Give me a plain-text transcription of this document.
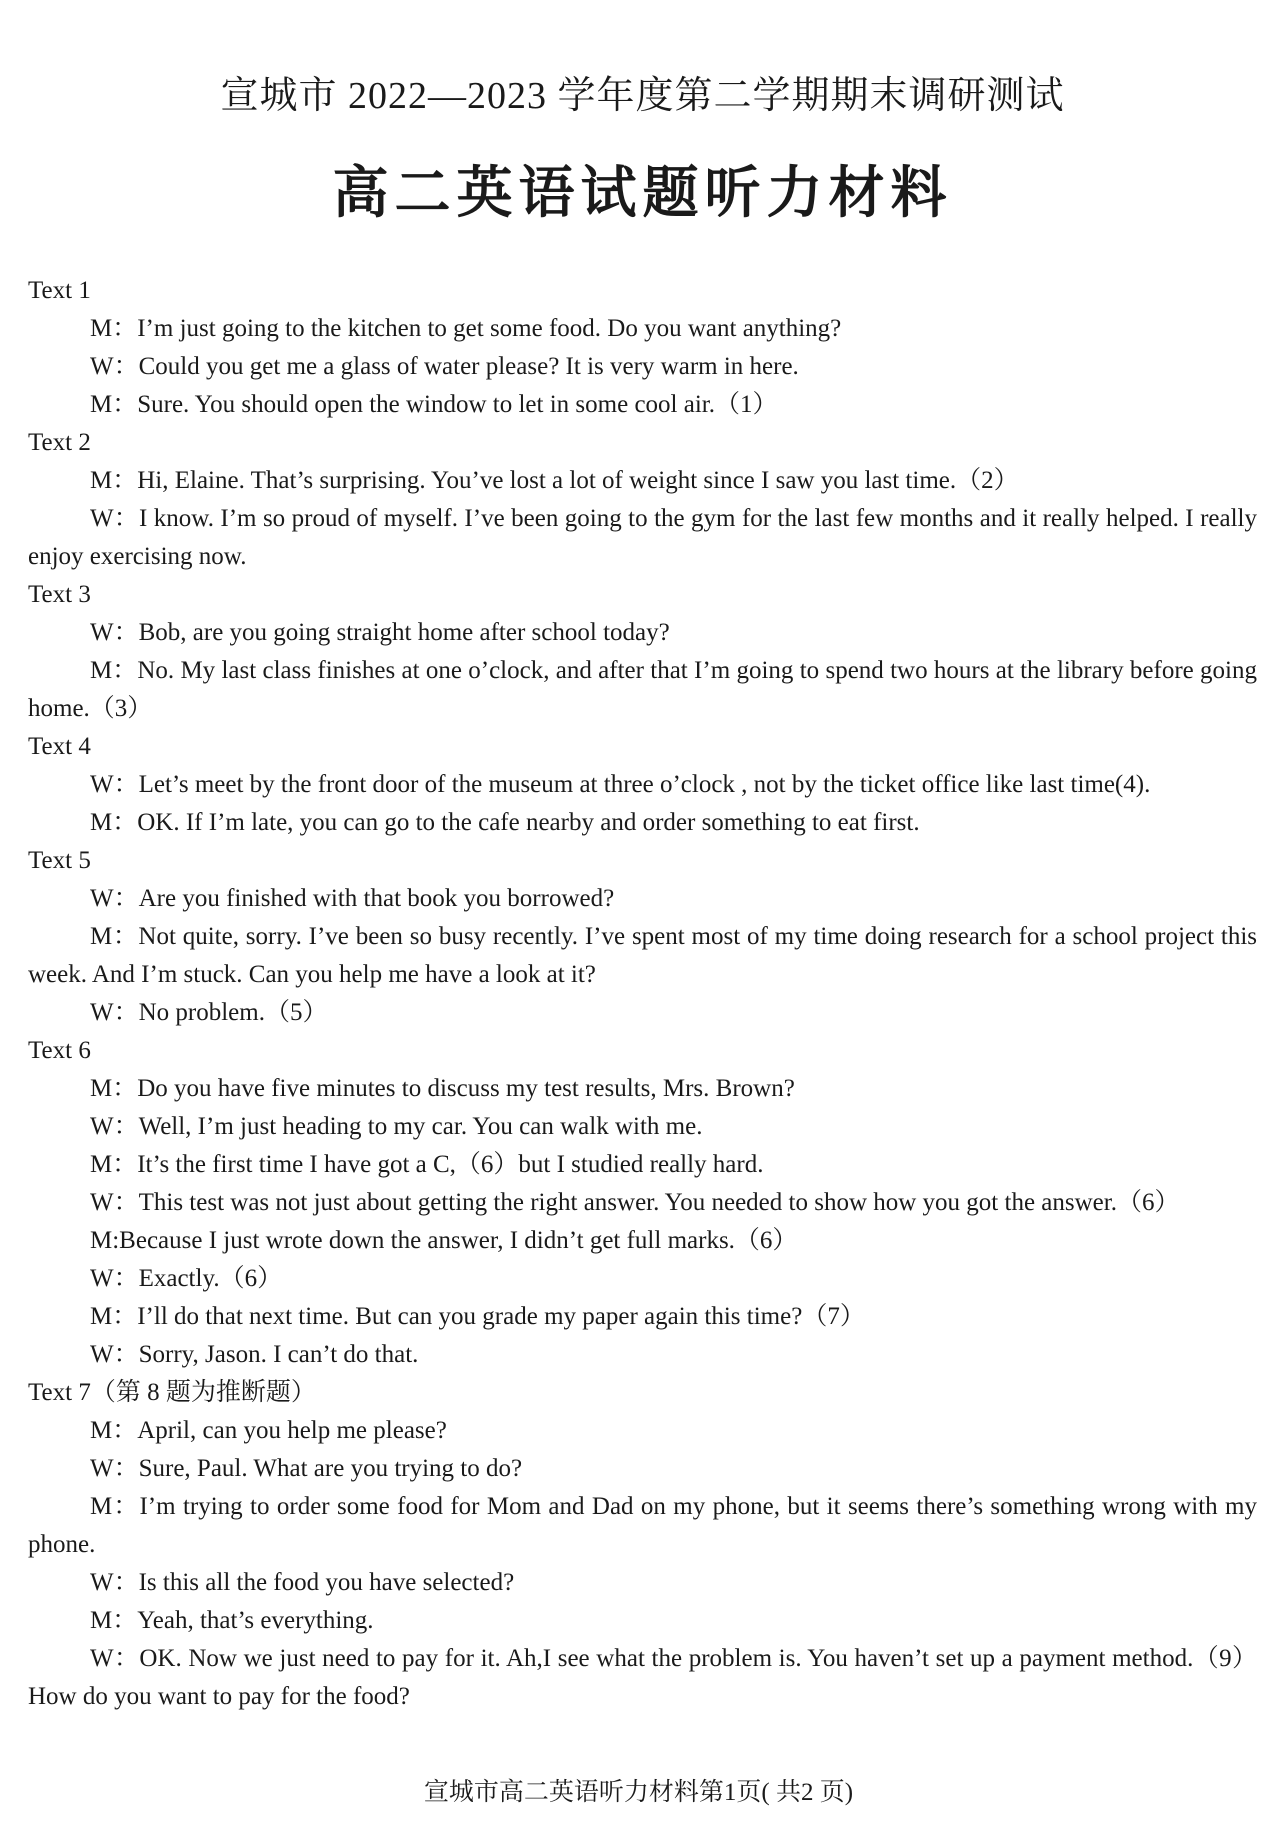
宣城市 2022—2023 学年度第二学期期末调研测试
高二英语试题听力材料
Text 1
M：I’m just going to the kitchen to get some food. Do you want anything?
W：Could you get me a glass of water please? It is very warm in here.
M：Sure. You should open the window to let in some cool air.（1）
Text 2
M：Hi, Elaine. That’s surprising. You’ve lost a lot of weight since I saw you last time.（2）
W：I know. I’m so proud of myself. I’ve been going to the gym for the last few months and it really helped. I really enjoy exercising now.
Text 3
W：Bob, are you going straight home after school today?
M：No. My last class finishes at one o’clock, and after that I’m going to spend two hours at the library before going home.（3）
Text 4
W：Let’s meet by the front door of the museum at three o’clock , not by the ticket office like last time(4).
M：OK. If I’m late, you can go to the cafe nearby and order something to eat first.
Text 5
W：Are you finished with that book you borrowed?
M：Not quite, sorry. I’ve been so busy recently. I’ve spent most of my time doing research for a school project this week. And I’m stuck. Can you help me have a look at it?
W：No problem.（5）
Text 6
M：Do you have five minutes to discuss my test results, Mrs. Brown?
W：Well, I’m just heading to my car. You can walk with me.
M：It’s the first time I have got a C,（6）but I studied really hard.
W：This test was not just about getting the right answer. You needed to show how you got the answer.（6）
M:Because I just wrote down the answer, I didn’t get full marks.（6）
W：Exactly.（6）
M：I’ll do that next time. But can you grade my paper again this time?（7）
W：Sorry, Jason. I can’t do that.
Text 7（第 8 题为推断题）
M：April, can you help me please?
W：Sure, Paul. What are you trying to do?
M：I’m trying to order some food for Mom and Dad on my phone, but it seems there’s something wrong with my phone.
W：Is this all the food you have selected?
M：Yeah, that’s everything.
W：OK. Now we just need to pay for it. Ah,I see what the problem is. You haven’t set up a payment method.（9）How do you want to pay for the food?
宣城市高二英语听力材料第1页( 共2 页)
